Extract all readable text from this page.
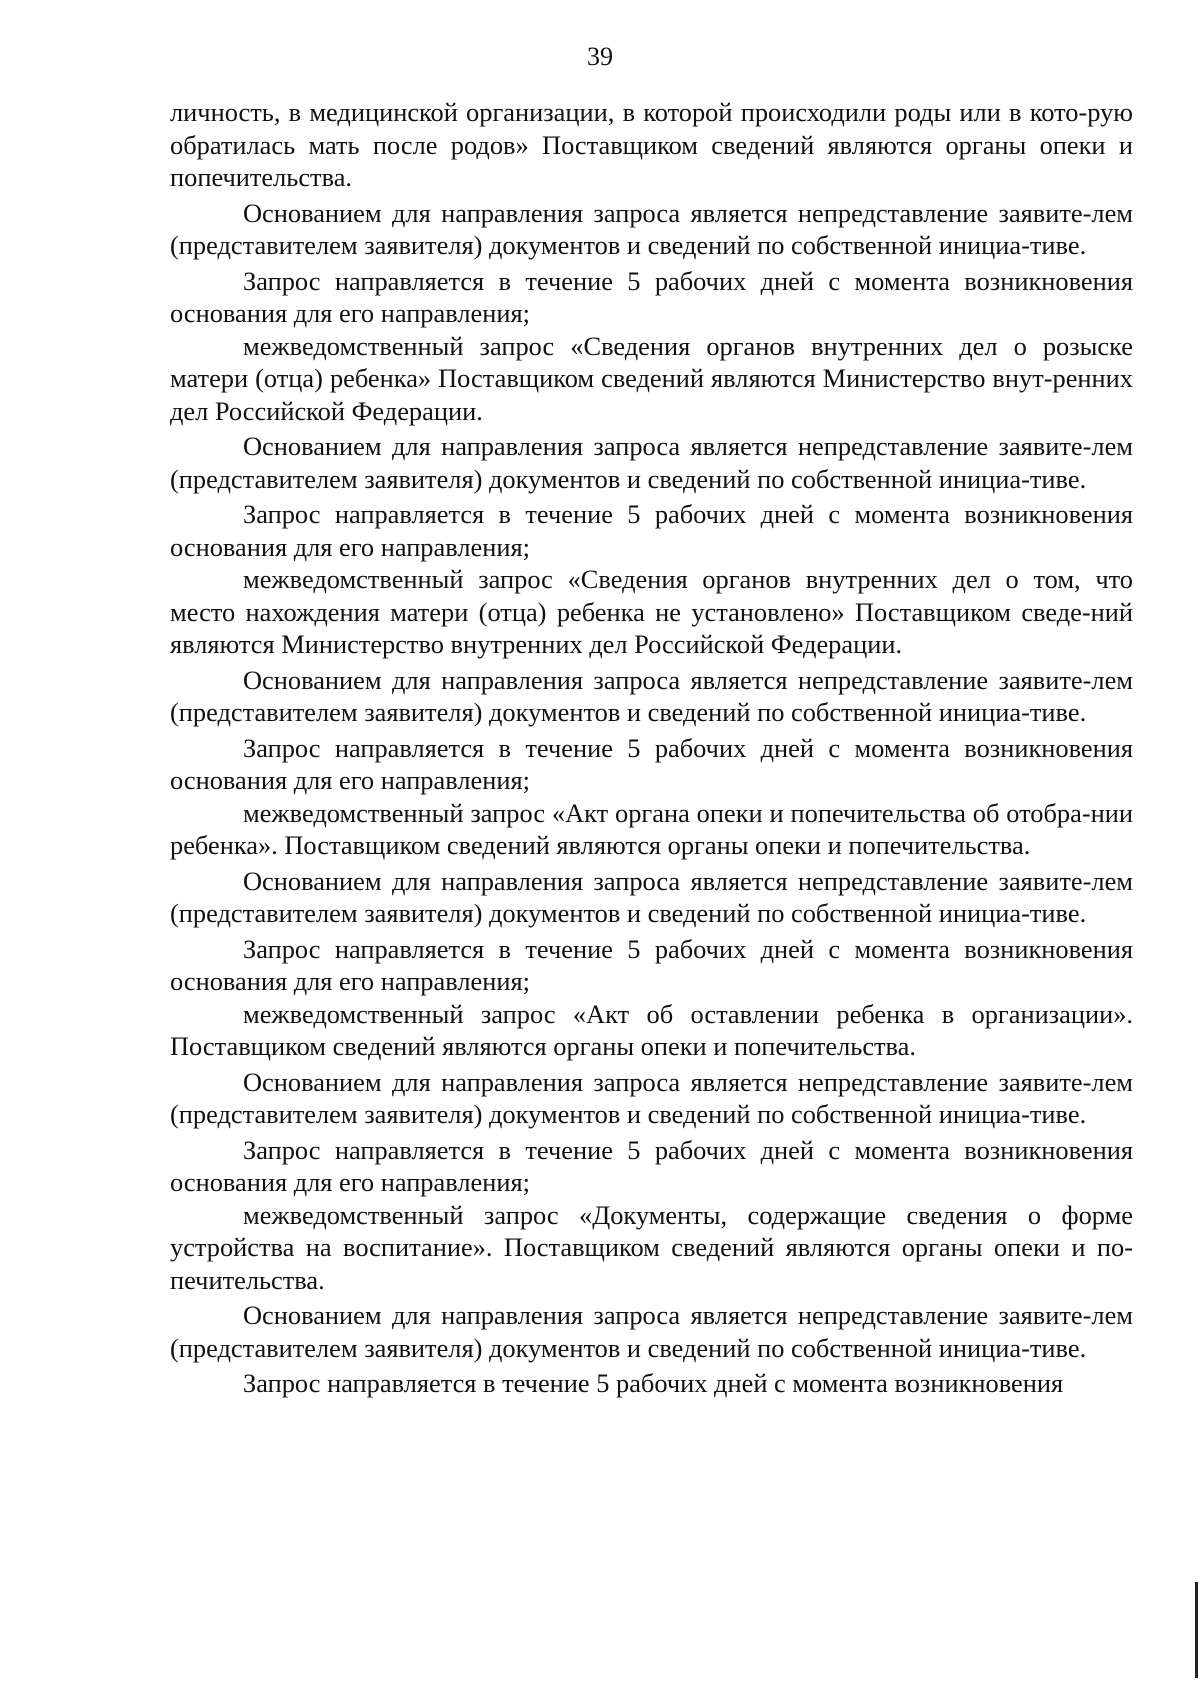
39

личность, в медицинской организации, в которой происходили роды или в кото-рую обратилась мать после родов» Поставщиком сведений являются органы опеки и попечительства.

Основанием для направления запроса является непредставление заявите-лем (представителем заявителя) документов и сведений по собственной инициа-тиве.

Запрос направляется в течение 5 рабочих дней с момента возникновения основания для его направления;

межведомственный запрос «Сведения органов внутренних дел о розыске матери (отца) ребенка» Поставщиком сведений являются Министерство внут-ренних дел Российской Федерации.

Основанием для направления запроса является непредставление заявите-лем (представителем заявителя) документов и сведений по собственной инициа-тиве.

Запрос направляется в течение 5 рабочих дней с момента возникновения основания для его направления;

межведомственный запрос «Сведения органов внутренних дел о том, что место нахождения матери (отца) ребенка не установлено» Поставщиком сведе-ний являются Министерство внутренних дел Российской Федерации.

Основанием для направления запроса является непредставление заявите-лем (представителем заявителя) документов и сведений по собственной инициа-тиве.

Запрос направляется в течение 5 рабочих дней с момента возникновения основания для его направления;

межведомственный запрос «Акт органа опеки и попечительства об отобра-нии ребенка». Поставщиком сведений являются органы опеки и попечительства.

Основанием для направления запроса является непредставление заявите-лем (представителем заявителя) документов и сведений по собственной инициа-тиве.

Запрос направляется в течение 5 рабочих дней с момента возникновения основания для его направления;

межведомственный запрос «Акт об оставлении ребенка в организации». Поставщиком сведений являются органы опеки и попечительства.

Основанием для направления запроса является непредставление заявите-лем (представителем заявителя) документов и сведений по собственной инициа-тиве.

Запрос направляется в течение 5 рабочих дней с момента возникновения основания для его направления;

межведомственный запрос «Документы, содержащие сведения о форме устройства на воспитание». Поставщиком сведений являются органы опеки и по-печительства.

Основанием для направления запроса является непредставление заявите-лем (представителем заявителя) документов и сведений по собственной инициа-тиве.

Запрос направляется в течение 5 рабочих дней с момента возникновения
